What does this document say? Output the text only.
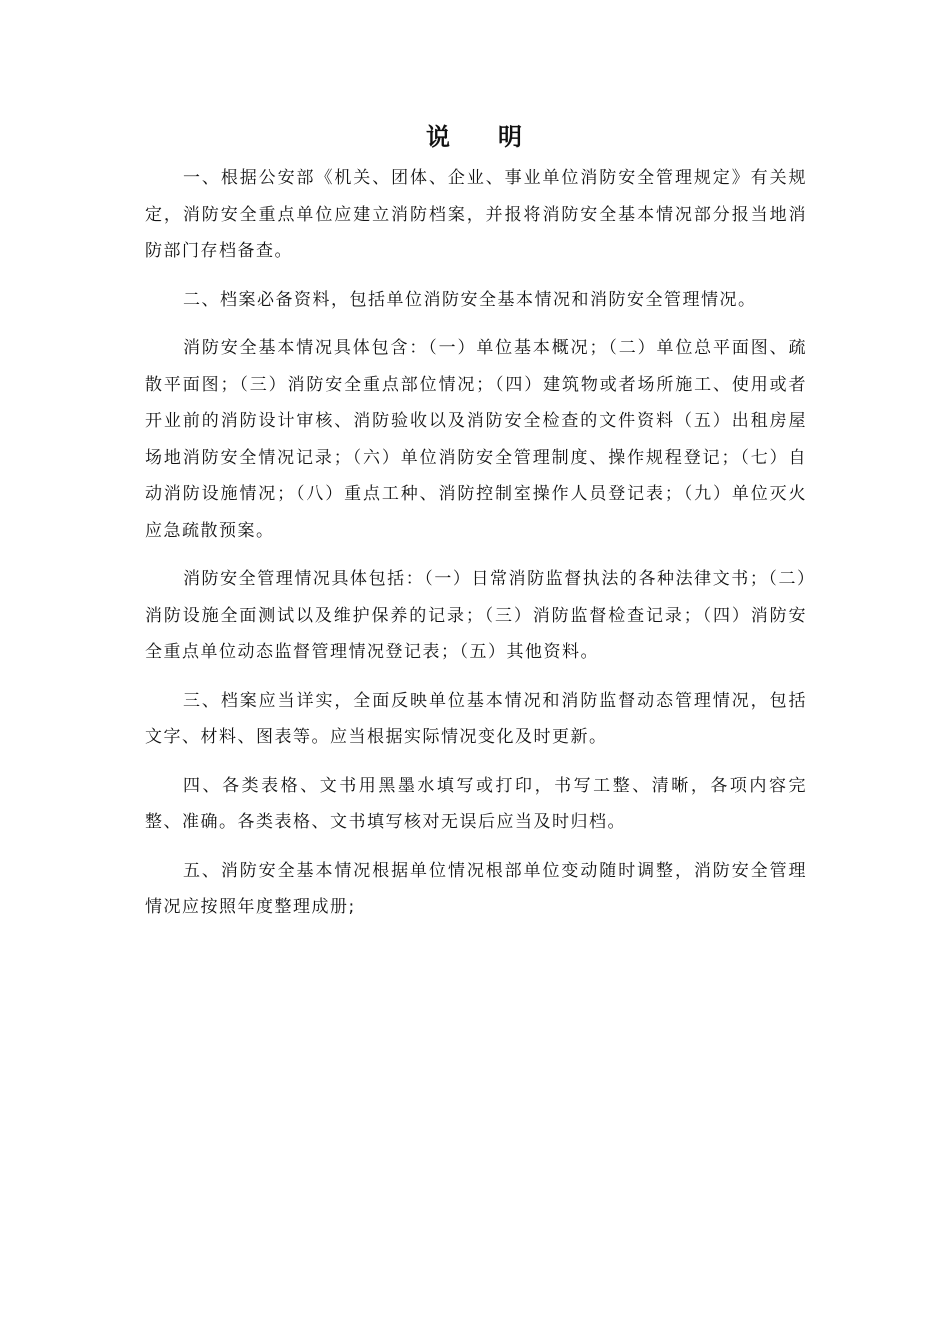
说 明

一、根据公安部《机关、团体、企业、事业单位消防安全管理规定》有关规定，消防安全重点单位应建立消防档案，并报将消防安全基本情况部分报当地消防部门存档备查。

二、档案必备资料，包括单位消防安全基本情况和消防安全管理情况。

消防安全基本情况具体包含：（一）单位基本概况；（二）单位总平面图、疏散平面图；（三）消防安全重点部位情况；（四）建筑物或者场所施工、使用或者开业前的消防设计审核、消防验收以及消防安全检查的文件资料（五）出租房屋场地消防安全情况记录；（六）单位消防安全管理制度、操作规程登记；（七）自动消防设施情况；（八）重点工种、消防控制室操作人员登记表；（九）单位灭火应急疏散预案。

消防安全管理情况具体包括：（一）日常消防监督执法的各种法律文书；（二）消防设施全面测试以及维护保养的记录；（三）消防监督检查记录；（四）消防安全重点单位动态监督管理情况登记表；（五）其他资料。

三、档案应当详实，全面反映单位基本情况和消防监督动态管理情况，包括文字、材料、图表等。应当根据实际情况变化及时更新。

四、各类表格、文书用黑墨水填写或打印，书写工整、清晰，各项内容完整、准确。各类表格、文书填写核对无误后应当及时归档。

五、消防安全基本情况根据单位情况根部单位变动随时调整，消防安全管理情况应按照年度整理成册;
